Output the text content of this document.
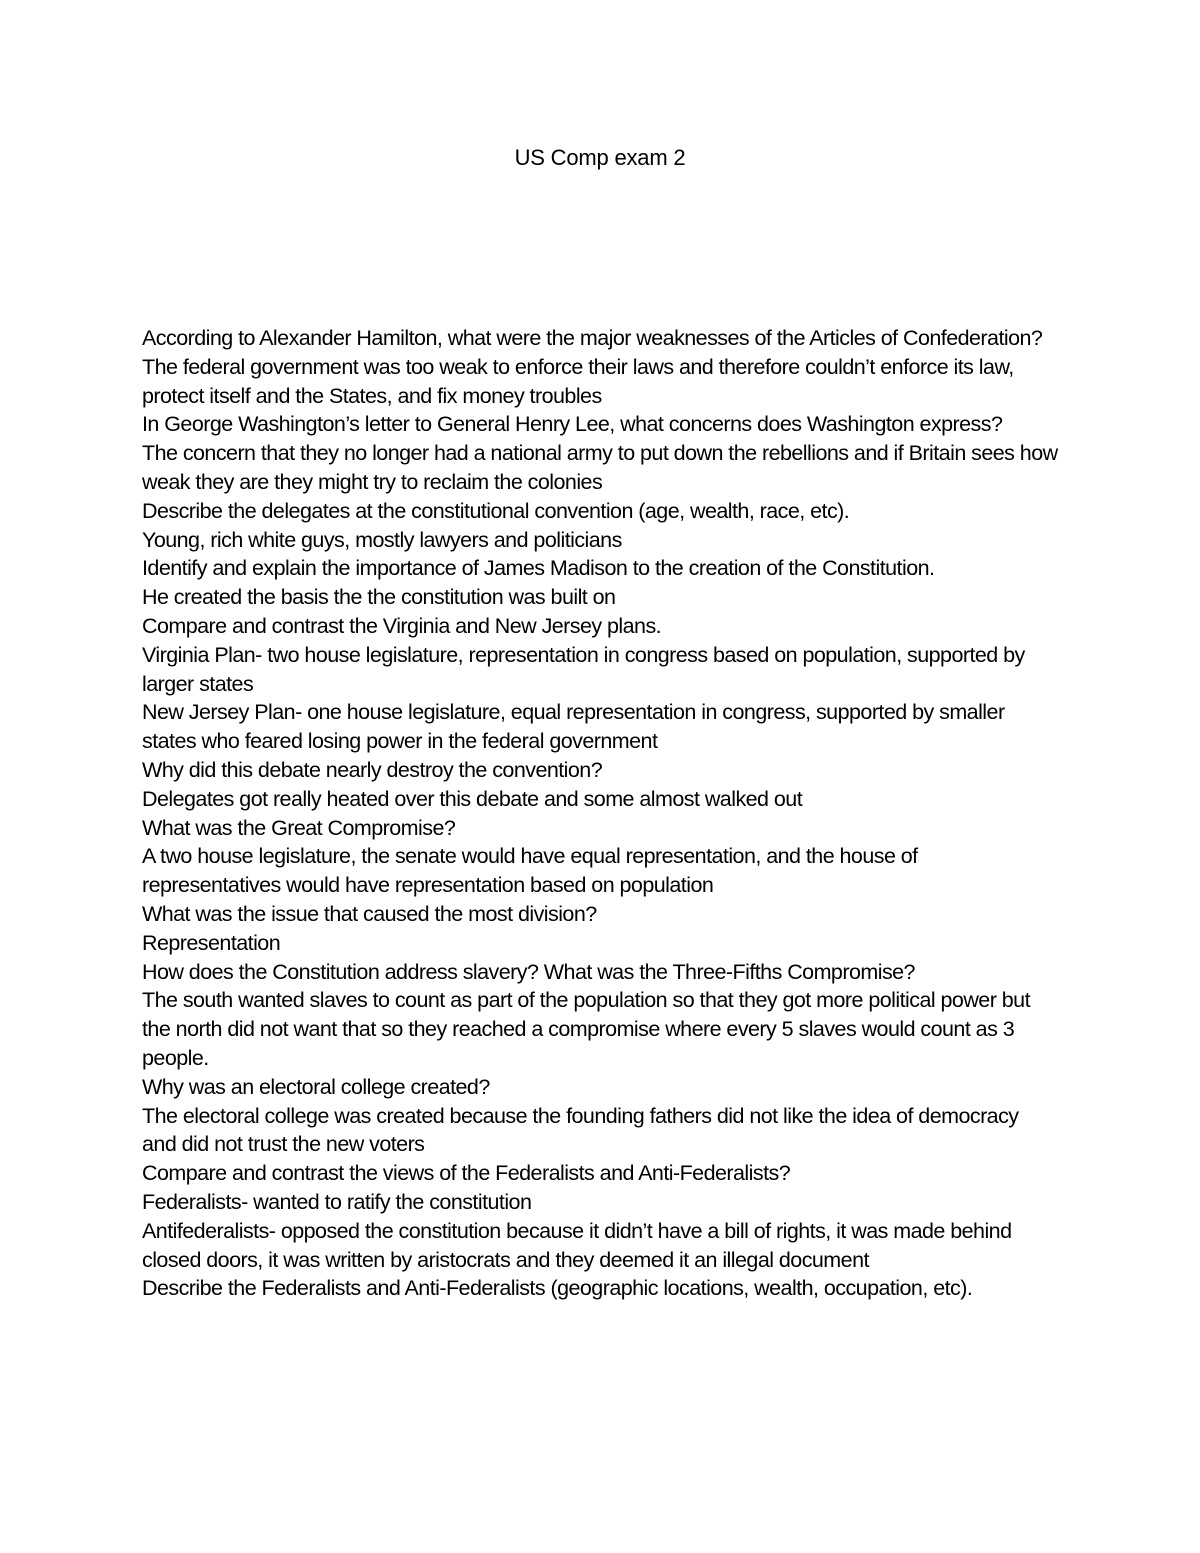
US Comp exam 2

According to Alexander Hamilton, what were the major weaknesses of the Articles of Confederation?

The federal government was too weak to enforce their laws and therefore couldn’t enforce its law, protect itself and the States, and fix money troubles

In George Washington’s letter to General Henry Lee, what concerns does Washington express?

The concern that they no longer had a national army to put down the rebellions and if Britain sees how weak they are they might try to reclaim the colonies

Describe the delegates at the constitutional convention (age, wealth, race, etc).

Young, rich white guys, mostly lawyers and politicians

Identify and explain the importance of James Madison to the creation of the Constitution.

He created the basis the the constitution was built on

Compare and contrast the Virginia and New Jersey plans.

Virginia Plan- two house legislature, representation in congress based on population, supported by larger states

New Jersey Plan- one house legislature, equal representation in congress, supported by smaller states who feared losing power in the federal government

Why did this debate nearly destroy the convention?

Delegates got really heated over this debate and some almost walked out

What was the Great Compromise?

A two house legislature, the senate would have equal representation, and the house of representatives would have representation based on population

What was the issue that caused the most division?

Representation

How does the Constitution address slavery? What was the Three-Fifths Compromise?

The south wanted slaves to count as part of the population so that they got more political power but the north did not want that so they reached a compromise where every 5 slaves would count as 3 people.

Why was an electoral college created?

The electoral college was created because the founding fathers did not like the idea of democracy and did not trust the new voters

Compare and contrast the views of the Federalists and Anti-Federalists?

Federalists- wanted to ratify the constitution

Antifederalists- opposed the constitution because it didn’t have a bill of rights, it was made behind closed doors, it was written by aristocrats and they deemed it an illegal document

Describe the Federalists and Anti-Federalists (geographic locations, wealth, occupation, etc).
